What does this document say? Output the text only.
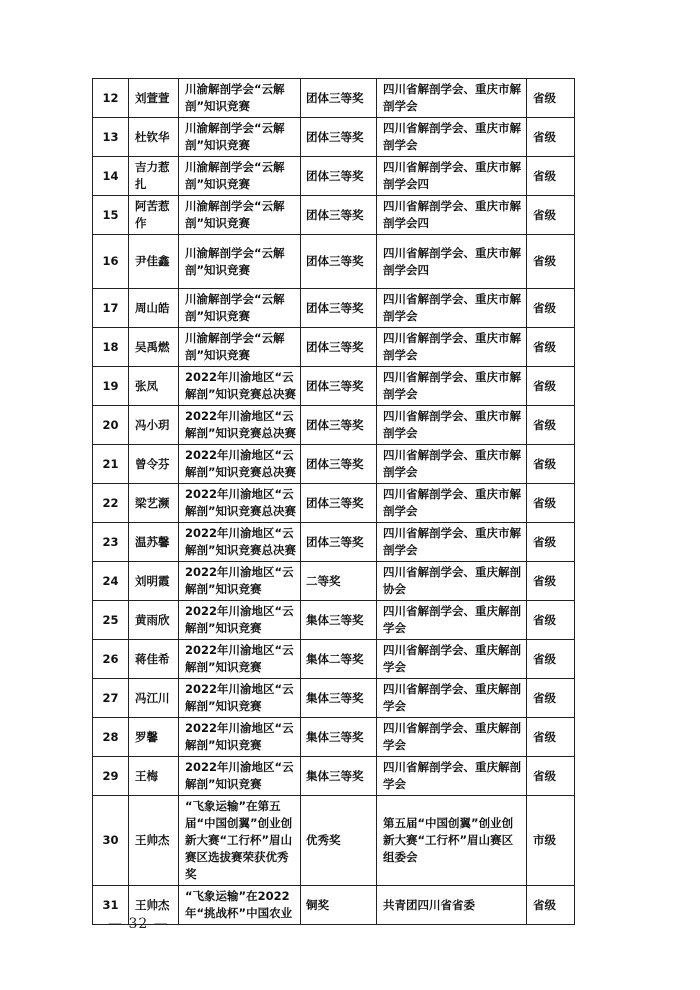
12	刘萱萱	川渝解剖学会“云解剖”知识竞赛	团体三等奖	四川省解剖学会、重庆市解剖学会	省级
13	杜钦华	川渝解剖学会“云解剖”知识竞赛	团体三等奖	四川省解剖学会、重庆市解剖学会	省级
14	吉力惹扎	川渝解剖学会“云解剖”知识竞赛	团体三等奖	四川省解剖学会、重庆市解剖学会四	省级
15	阿苦惹作	川渝解剖学会“云解剖”知识竞赛	团体三等奖	四川省解剖学会、重庆市解剖学会四	省级
16	尹佳鑫	川渝解剖学会“云解剖”知识竞赛	团体三等奖	四川省解剖学会、重庆市解剖学会四	省级
17	周山皓	川渝解剖学会“云解剖”知识竞赛	团体三等奖	四川省解剖学会、重庆市解剖学会	省级
18	吴禹燃	川渝解剖学会“云解剖”知识竞赛	团体三等奖	四川省解剖学会、重庆市解剖学会	省级
19	张凤	2022年川渝地区“云解剖”知识竞赛总决赛	团体三等奖	四川省解剖学会、重庆市解剖学会	省级
20	冯小玥	2022年川渝地区“云解剖”知识竞赛总决赛	团体三等奖	四川省解剖学会、重庆市解剖学会	省级
21	曾令芬	2022年川渝地区“云解剖”知识竞赛总决赛	团体三等奖	四川省解剖学会、重庆市解剖学会	省级
22	梁艺濒	2022年川渝地区“云解剖”知识竞赛总决赛	团体三等奖	四川省解剖学会、重庆市解剖学会	省级
23	温苏馨	2022年川渝地区“云解剖”知识竞赛总决赛	团体三等奖	四川省解剖学会、重庆市解剖学会	省级
24	刘明霞	2022年川渝地区“云解剖”知识竞赛	二等奖	四川省解剖学会、重庆解剖协会	省级
25	黄雨欣	2022年川渝地区“云解剖”知识竞赛	集体三等奖	四川省解剖学会、重庆解剖学会	省级
26	蒋佳希	2022年川渝地区“云解剖”知识竞赛	集体二等奖	四川省解剖学会、重庆解剖学会	省级
27	冯江川	2022年川渝地区“云解剖”知识竞赛	集体三等奖	四川省解剖学会、重庆解剖学会	省级
28	罗馨	2022年川渝地区“云解剖”知识竞赛	集体三等奖	四川省解剖学会、重庆解剖学会	省级
29	王梅	2022年川渝地区“云解剖”知识竞赛	集体三等奖	四川省解剖学会、重庆解剖学会	省级
30	王帅杰	“飞象运输”在第五届“中国创翼”创业创新大赛“工行杯”眉山赛区选拔赛荣获优秀奖	优秀奖	第五届“中国创翼”创业创新大赛“工行杯”眉山赛区组委会	市级
31	王帅杰	“飞象运输”在2022年“挑战杯”中国农业	铜奖	共青团四川省省委	省级
— 32 —
